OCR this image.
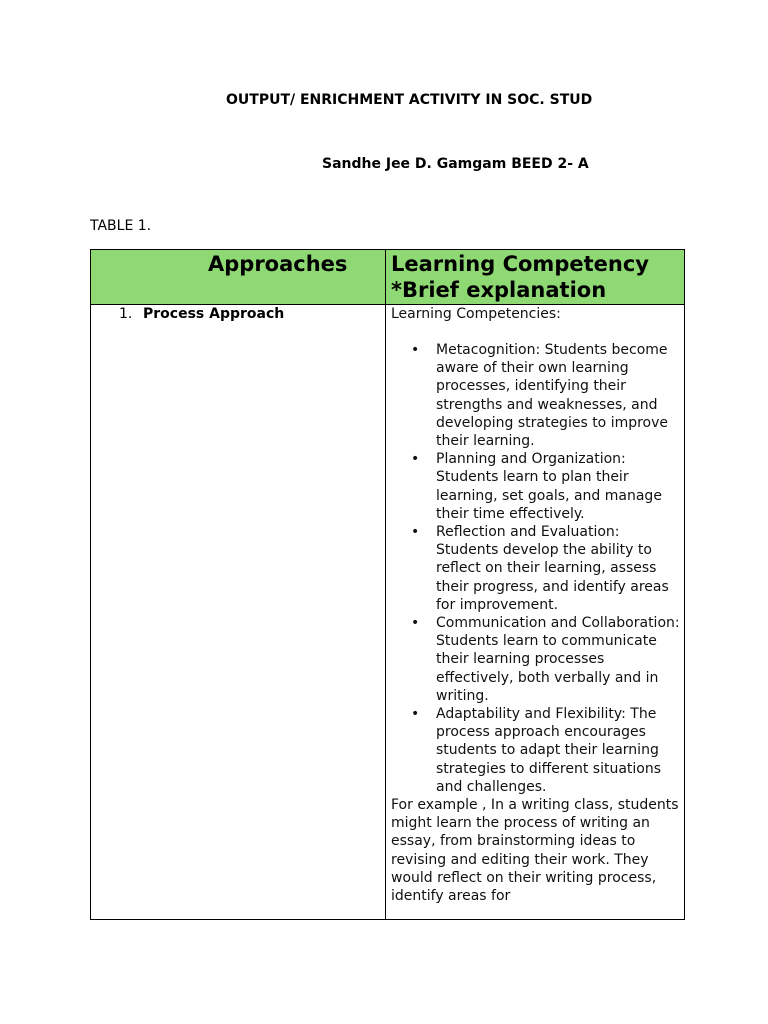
OUTPUT/ ENRICHMENT ACTIVITY IN SOC. STUD
Sandhe Jee D. Gamgam BEED 2- A
TABLE 1.
Approaches Learning Competency
*Brief explanation
1. Process Approach	Learning Competencies:

• Metacognition: Students become aware of their own learning processes, identifying their strengths and weaknesses, and developing strategies to improve their learning.
• Planning and Organization: Students learn to plan their learning, set goals, and manage their time effectively.
• Reflection and Evaluation: Students develop the ability to reflect on their learning, assess their progress, and identify areas for improvement.
• Communication and Collaboration: Students learn to communicate their learning processes effectively, both verbally and in writing.
• Adaptability and Flexibility: The process approach encourages students to adapt their learning strategies to different situations and challenges.

For example , In a writing class, students might learn the process of writing an essay, from brainstorming ideas to revising and editing their work. They would reflect on their writing process, identify areas for
